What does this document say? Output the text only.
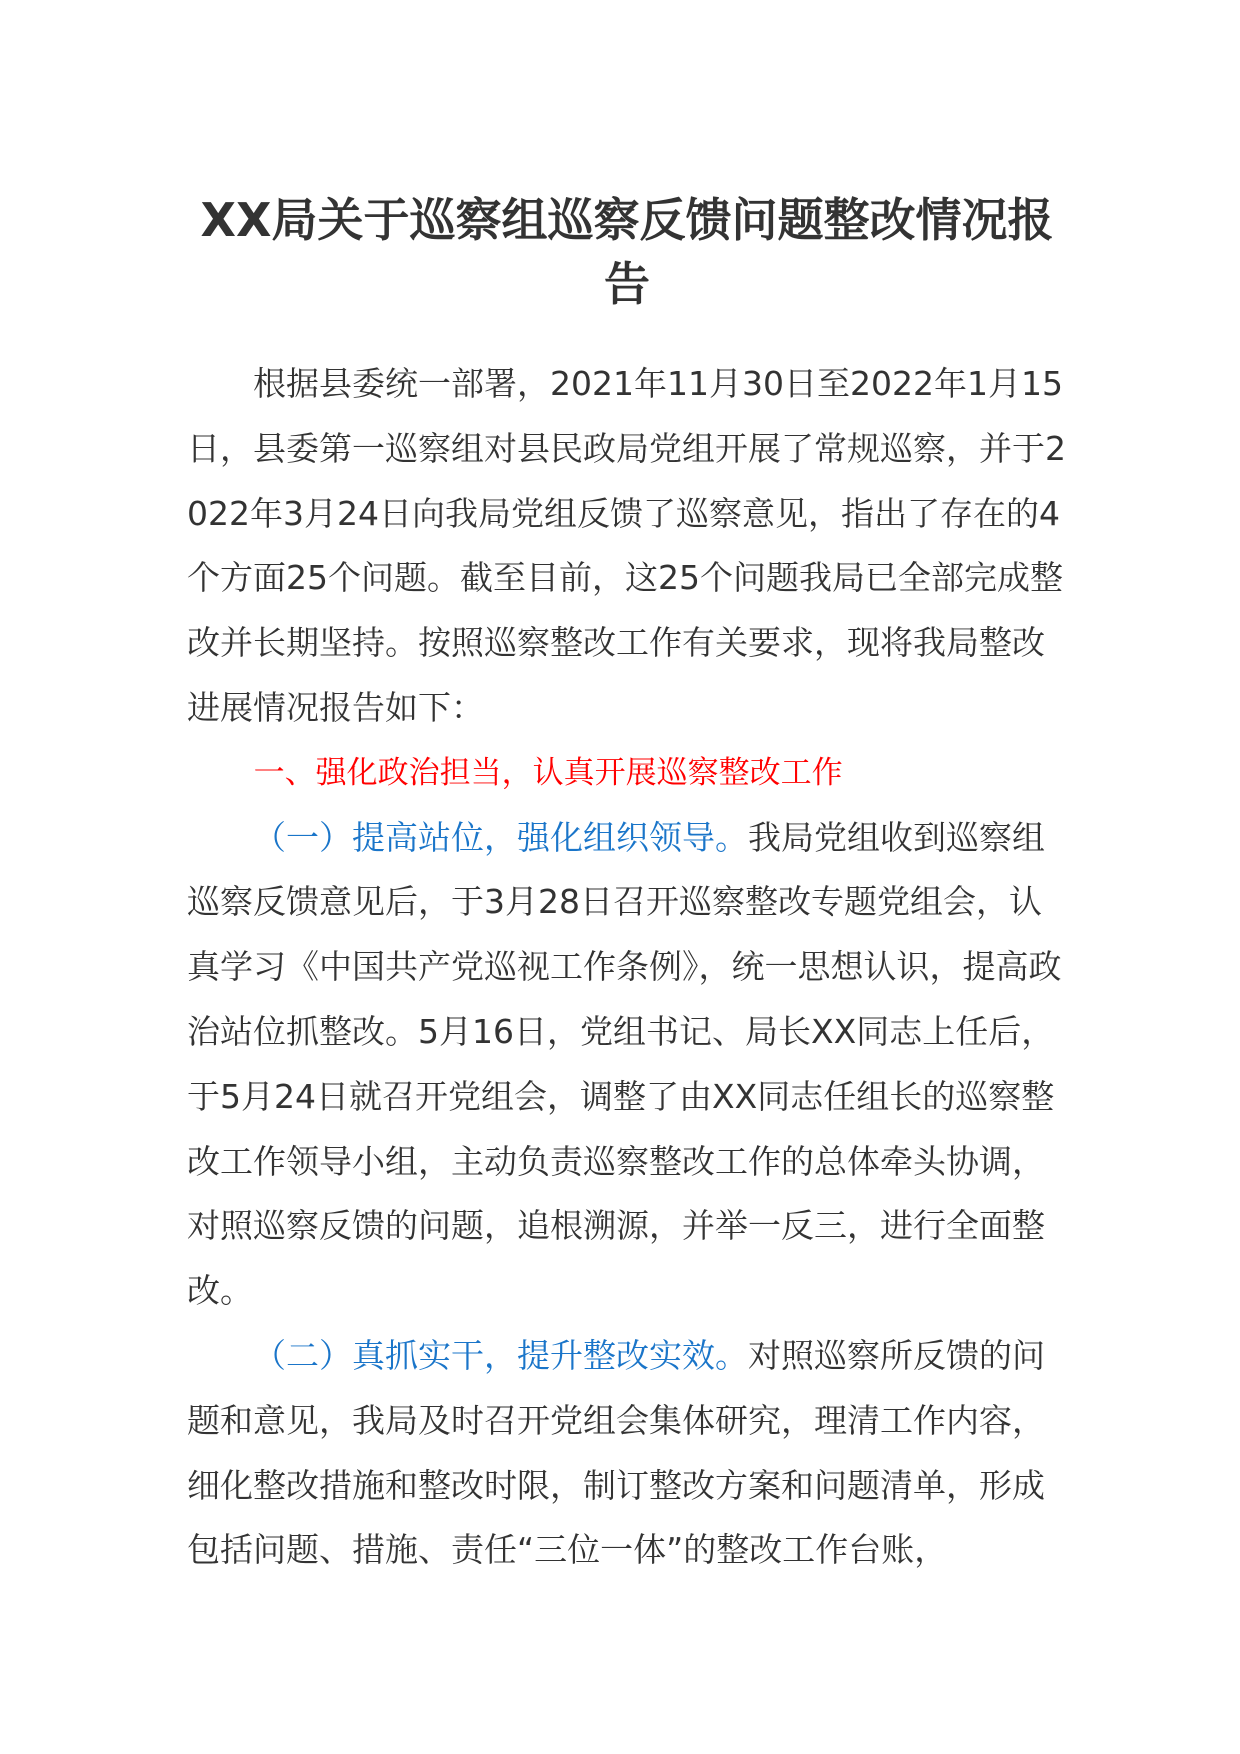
XX局关于巡察组巡察反馈问题整改情况报告

根据县委统一部署，2021年11月30日至2022年1月15日，县委第一巡察组对县民政局党组开展了常规巡察，并于2022年3月24日向我局党组反馈了巡察意见，指出了存在的4个方面25个问题。截至目前，这25个问题我局已全部完成整改并长期坚持。按照巡察整改工作有关要求，现将我局整改进展情况报告如下：

一、强化政治担当，认真开展巡察整改工作

（一）提高站位，强化组织领导。我局党组收到巡察组巡察反馈意见后，于3月28日召开巡察整改专题党组会，认真学习《中国共产党巡视工作条例》，统一思想认识，提高政治站位抓整改。5月16日，党组书记、局长XX同志上任后，于5月24日就召开党组会，调整了由XX同志任组长的巡察整改工作领导小组，主动负责巡察整改工作的总体牵头协调，对照巡察反馈的问题，追根溯源，并举一反三，进行全面整改。

（二）真抓实干，提升整改实效。对照巡察所反馈的问题和意见，我局及时召开党组会集体研究，理清工作内容，细化整改措施和整改时限，制订整改方案和问题清单，形成包括问题、措施、责任“三位一体”的整改工作台账，
